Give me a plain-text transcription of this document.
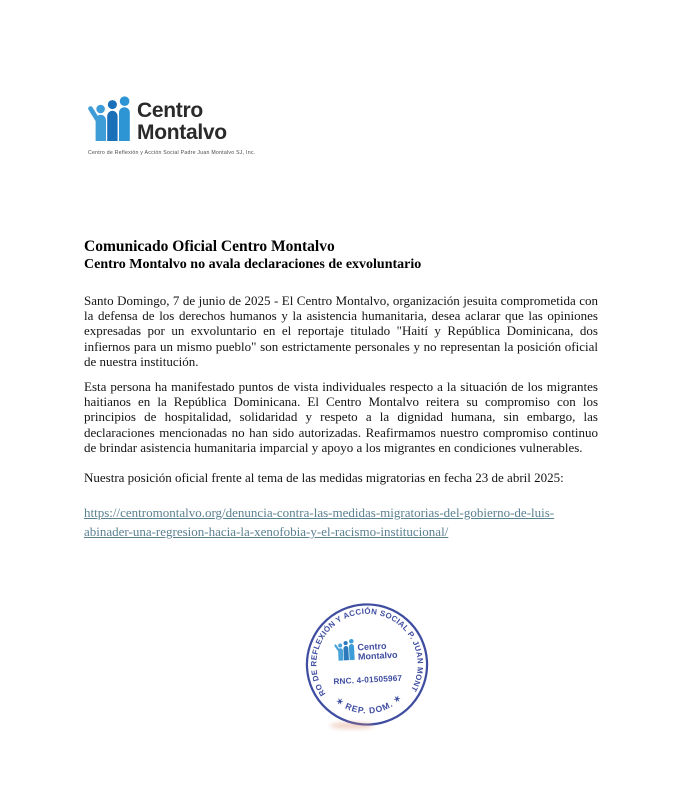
Centro
Montalvo
Centro de Reflexión y Acción Social Padre Juan Montalvo SJ, Inc.
Comunicado Oficial Centro Montalvo
Centro Montalvo no avala declaraciones de exvoluntario

Santo Domingo, 7 de junio de 2025 - El Centro Montalvo, organización jesuita comprometida con la defensa de los derechos humanos y la asistencia humanitaria, desea aclarar que las opiniones expresadas por un exvoluntario en el reportaje titulado "Haití y República Dominicana, dos infiernos para un mismo pueblo" son estrictamente personales y no representan la posición oficial de nuestra institución.

Esta persona ha manifestado puntos de vista individuales respecto a la situación de los migrantes haitianos en la República Dominicana. El Centro Montalvo reitera su compromiso con los principios de hospitalidad, solidaridad y respeto a la dignidad humana, sin embargo, las declaraciones mencionadas no han sido autorizadas. Reafirmamos nuestro compromiso continuo de brindar asistencia humanitaria imparcial y apoyo a los migrantes en condiciones vulnerables.

Nuestra posición oficial frente al tema de las medidas migratorias en fecha 23 de abril 2025:

https://centromontalvo.org/denuncia-contra-las-medidas-migratorias-del-gobierno-de-luis-abinader-una-regresion-hacia-la-xenofobia-y-el-racismo-institucional/
CENTRO DE REFLEXIÓN Y ACCIÓN SOCIAL P. JUAN MONTALVO
✶ REP. DOM. ✶
Centro
Montalvo
RNC. 4-01505967
